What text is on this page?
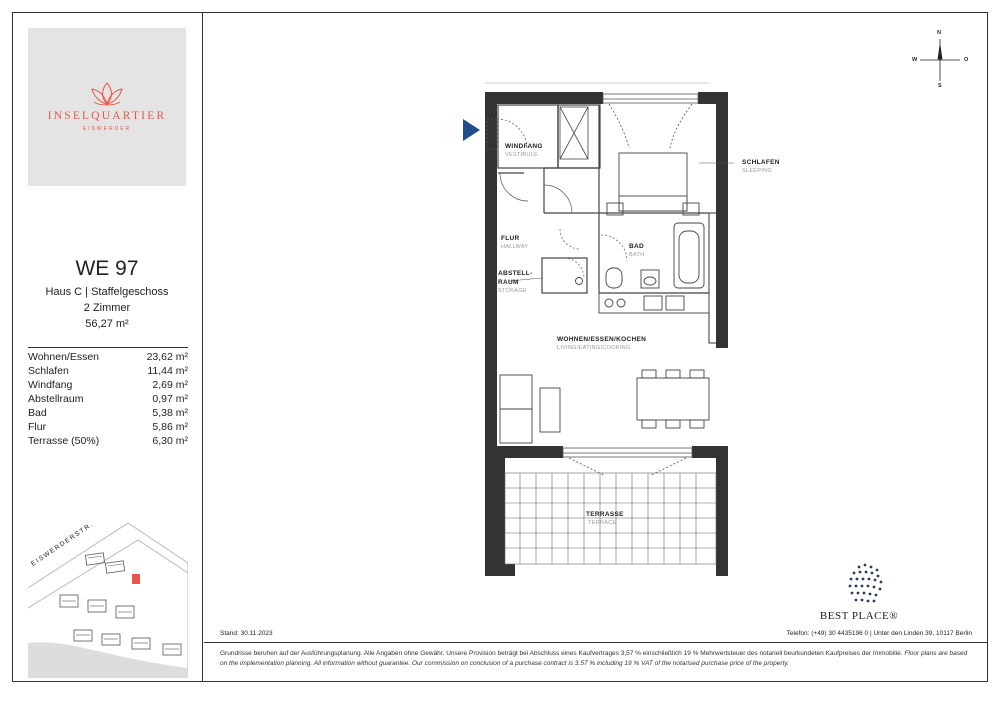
INSELQUARTIER
EISWERDER
WE 97
Haus C | Staffelgeschoss
2 Zimmer
56,27 m²
Wohnen/Essen	23,62 m²
Schlafen	11,44 m²
Windfang	2,69 m²
Abstellraum	0,97 m²
Bad	5,38 m²
Flur	5,86 m²
Terrasse (50%)	6,30 m²
EISWERDERSTR.
N
W	O
S
WINDFANG
VESTIBULE
SCHLAFEN
SLEEPING
FLUR
HALLWAY	BAD
BATH
ABSTELL-
RAUM
STORAGE
WOHNEN/ESSEN/KOCHEN
LIVING/EATING/COOKING
TERRASSE
TERRACE
BEST PLACE®
Stand: 30.11.2023	Telefon: (+49) 30 4435196 0 | Unter den Linden 39, 10117 Berlin
Grundrisse beruhen auf der Ausführungsplanung. Alle Angaben ohne Gewähr. Unsere Provision beträgt bei Abschluss eines Kaufvertrages 3,57 % einschließlich 19 % Mehrwertsteuer des notariell beurkundeten Kaufpreises der Immobilie. Floor plans are based on the implementation planning. All information without guarantee. Our commission on conclusion of a purchase contract is 3.57 % including 19 % VAT of the notarised purchase price of the property.
